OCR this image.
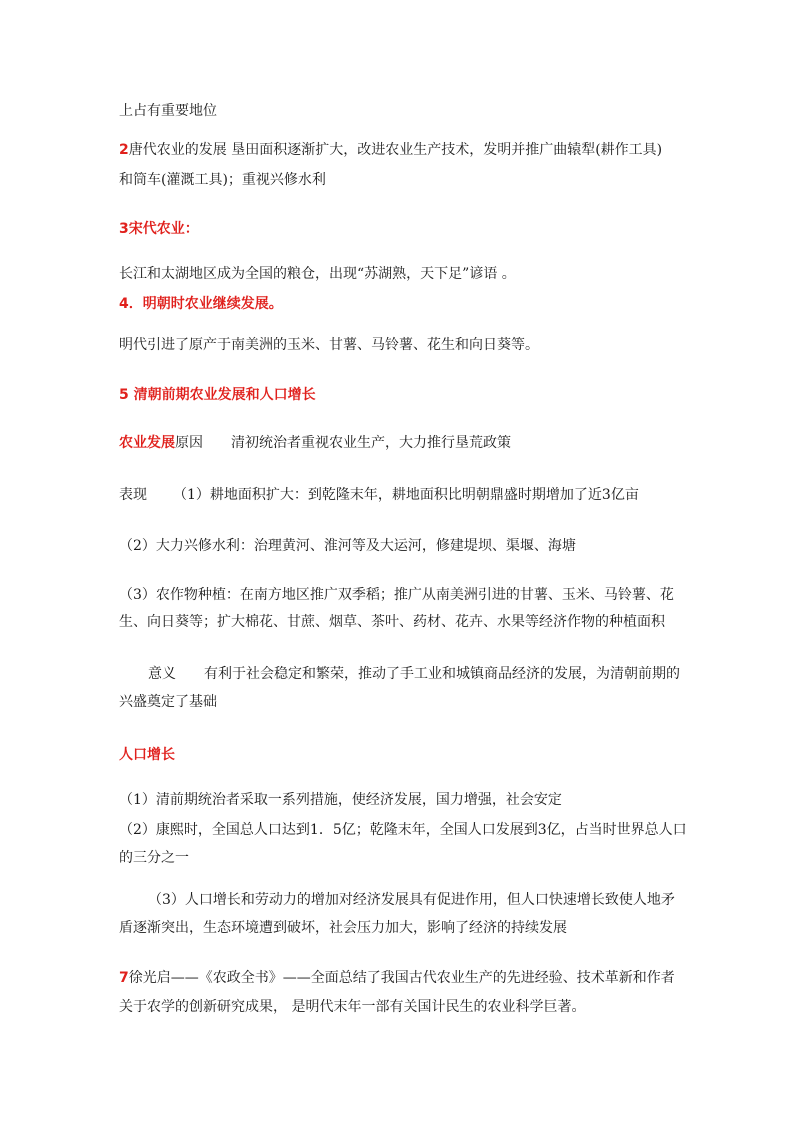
上占有重要地位
2唐代农业的发展 垦田面积逐渐扩大，改进农业生产技术，发明并推广曲辕犁(耕作工具)
和筒车(灌溉工具)；重视兴修水利
3宋代农业：
长江和太湖地区成为全国的粮仓，出现“苏湖熟，天下足”谚语 。
4．明朝时农业继续发展。
明代引进了原产于南美洲的玉米、甘薯、马铃薯、花生和向日葵等。
5 清朝前期农业发展和人口增长
农业发展原因 清初统治者重视农业生产，大力推行垦荒政策
表现 （1）耕地面积扩大：到乾隆末年，耕地面积比明朝鼎盛时期增加了近3亿亩
（2）大力兴修水利：治理黄河、淮河等及大运河，修建堤坝、渠堰、海塘
（3）农作物种植：在南方地区推广双季稻；推广从南美洲引进的甘薯、玉米、马铃薯、花
生、向日葵等；扩大棉花、甘蔗、烟草、茶叶、药材、花卉、水果等经济作物的种植面积
意义 有利于社会稳定和繁荣，推动了手工业和城镇商品经济的发展，为清朝前期的
兴盛奠定了基础
人口增长
（1）清前期统治者采取一系列措施，使经济发展，国力增强，社会安定
（2）康熙时，全国总人口达到1．5亿；乾隆末年，全国人口发展到3亿，占当时世界总人口
的三分之一
（3）人口增长和劳动力的增加对经济发展具有促进作用，但人口快速增长致使人地矛
盾逐渐突出，生态环境遭到破坏，社会压力加大，影响了经济的持续发展
7徐光启——《农政全书》——全面总结了我国古代农业生产的先进经验、技术革新和作者
关于农学的创新研究成果， 是明代末年一部有关国计民生的农业科学巨著。
